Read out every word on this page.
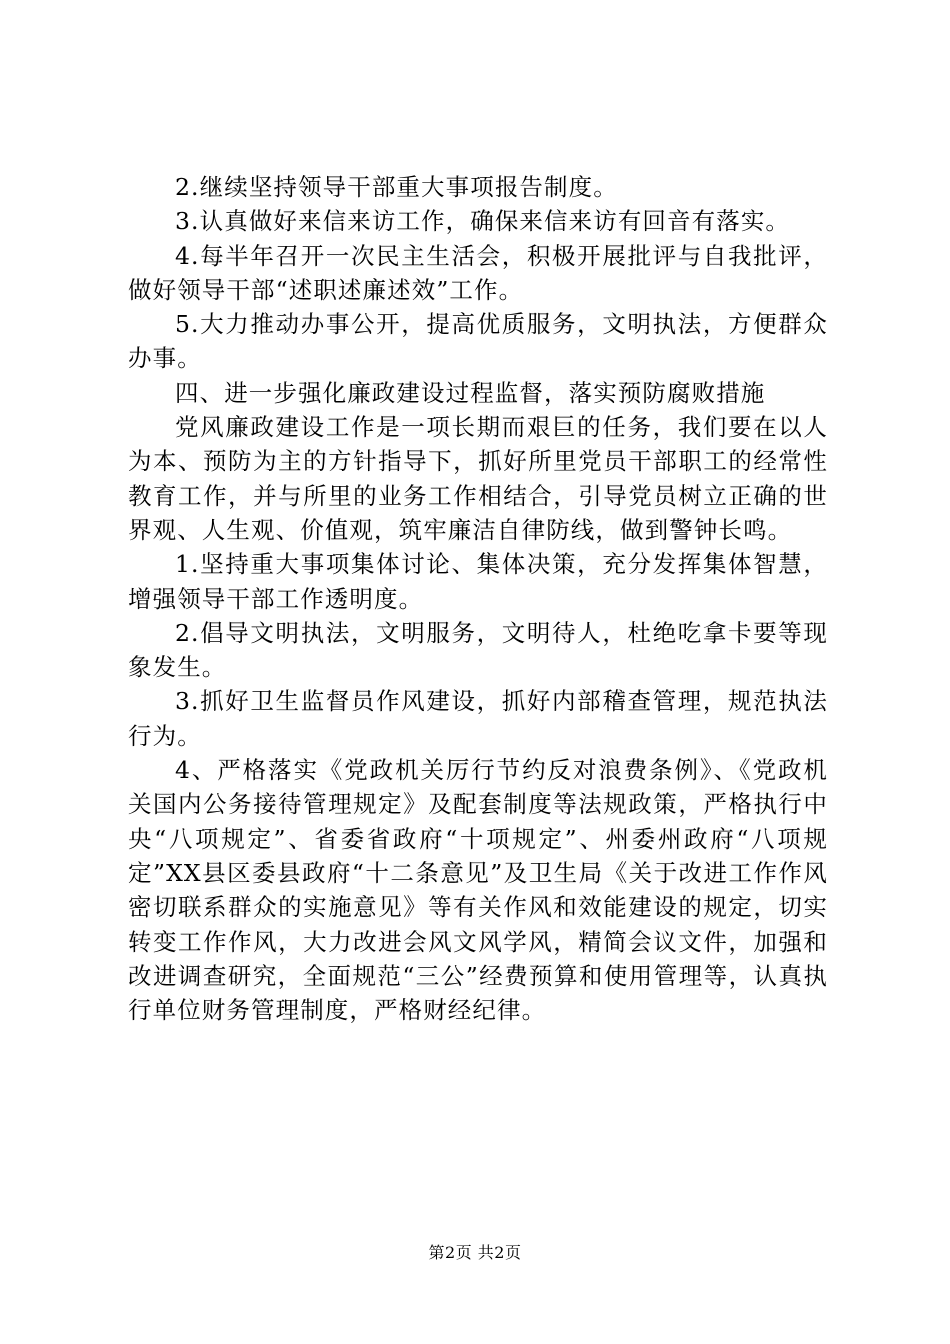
2.继续坚持领导干部重大事项报告制度。

3.认真做好来信来访工作，确保来信来访有回音有落实。

4.每半年召开一次民主生活会，积极开展批评与自我批评，做好领导干部“述职述廉述效”工作。

5.大力推动办事公开，提高优质服务，文明执法，方便群众办事。

四、进一步强化廉政建设过程监督，落实预防腐败措施

党风廉政建设工作是一项长期而艰巨的任务，我们要在以人为本、预防为主的方针指导下，抓好所里党员干部职工的经常性教育工作，并与所里的业务工作相结合，引导党员树立正确的世界观、人生观、价值观，筑牢廉洁自律防线，做到警钟长鸣。

1.坚持重大事项集体讨论、集体决策，充分发挥集体智慧，增强领导干部工作透明度。

2.倡导文明执法，文明服务，文明待人，杜绝吃拿卡要等现象发生。

3.抓好卫生监督员作风建设，抓好内部稽查管理，规范执法行为。

4、严格落实《党政机关厉行节约反对浪费条例》、《党政机关国内公务接待管理规定》及配套制度等法规政策，严格执行中央“八项规定”、省委省政府“十项规定”、州委州政府“八项规定”XX县区委县政府“十二条意见”及卫生局《关于改进工作作风密切联系群众的实施意见》等有关作风和效能建设的规定，切实转变工作作风，大力改进会风文风学风，精简会议文件，加强和改进调查研究，全面规范“三公”经费预算和使用管理等，认真执行单位财务管理制度，严格财经纪律。

第2页 共2页
